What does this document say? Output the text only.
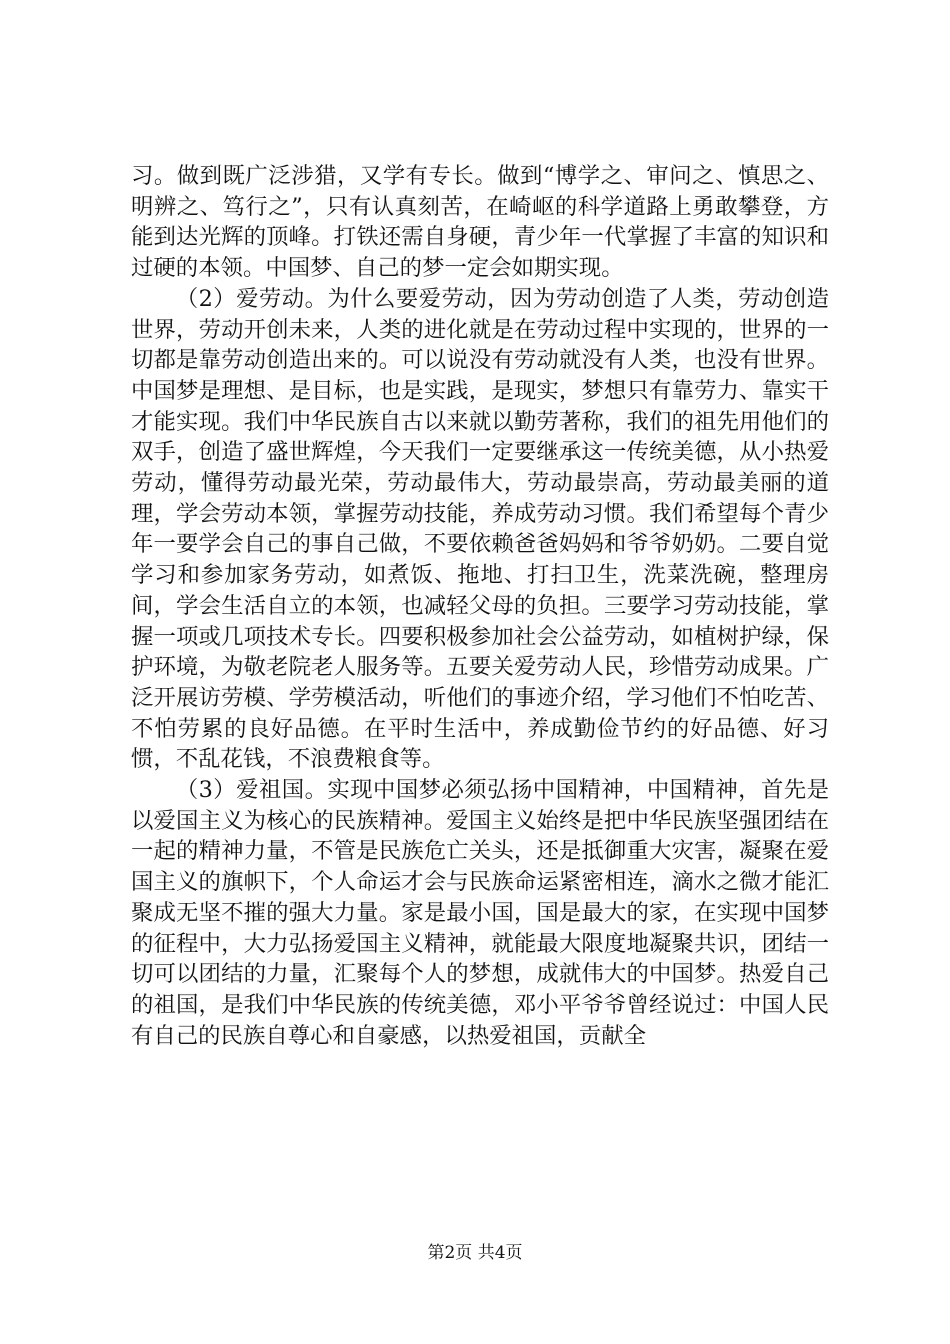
习。做到既广泛涉猎，又学有专长。做到“博学之、审问之、慎思之、明辨之、笃行之”，只有认真刻苦，在崎岖的科学道路上勇敢攀登，方能到达光辉的顶峰。打铁还需自身硬，青少年一代掌握了丰富的知识和过硬的本领。中国梦、自己的梦一定会如期实现。

（2）爱劳动。为什么要爱劳动，因为劳动创造了人类，劳动创造世界，劳动开创未来，人类的进化就是在劳动过程中实现的，世界的一切都是靠劳动创造出来的。可以说没有劳动就没有人类，也没有世界。中国梦是理想、是目标，也是实践，是现实，梦想只有靠劳力、靠实干才能实现。我们中华民族自古以来就以勤劳著称，我们的祖先用他们的双手，创造了盛世辉煌，今天我们一定要继承这一传统美德，从小热爱劳动，懂得劳动最光荣，劳动最伟大，劳动最崇高，劳动最美丽的道理，学会劳动本领，掌握劳动技能，养成劳动习惯。我们希望每个青少年一要学会自己的事自己做，不要依赖爸爸妈妈和爷爷奶奶。二要自觉学习和参加家务劳动，如煮饭、拖地、打扫卫生，洗菜洗碗，整理房间，学会生活自立的本领，也减轻父母的负担。三要学习劳动技能，掌握一项或几项技术专长。四要积极参加社会公益劳动，如植树护绿，保护环境，为敬老院老人服务等。五要关爱劳动人民，珍惜劳动成果。广泛开展访劳模、学劳模活动，听他们的事迹介绍，学习他们不怕吃苦、不怕劳累的良好品德。在平时生活中，养成勤俭节约的好品德、好习惯，不乱花钱，不浪费粮食等。

（3）爱祖国。实现中国梦必须弘扬中国精神，中国精神，首先是以爱国主义为核心的民族精神。爱国主义始终是把中华民族坚强团结在一起的精神力量，不管是民族危亡关头，还是抵御重大灾害，凝聚在爱国主义的旗帜下，个人命运才会与民族命运紧密相连，滴水之微才能汇聚成无坚不摧的强大力量。家是最小国，国是最大的家，在实现中国梦的征程中，大力弘扬爱国主义精神，就能最大限度地凝聚共识，团结一切可以团结的力量，汇聚每个人的梦想，成就伟大的中国梦。热爱自己的祖国，是我们中华民族的传统美德，邓小平爷爷曾经说过：中国人民有自己的民族自尊心和自豪感，以热爱祖国，贡献全

第2页 共4页
